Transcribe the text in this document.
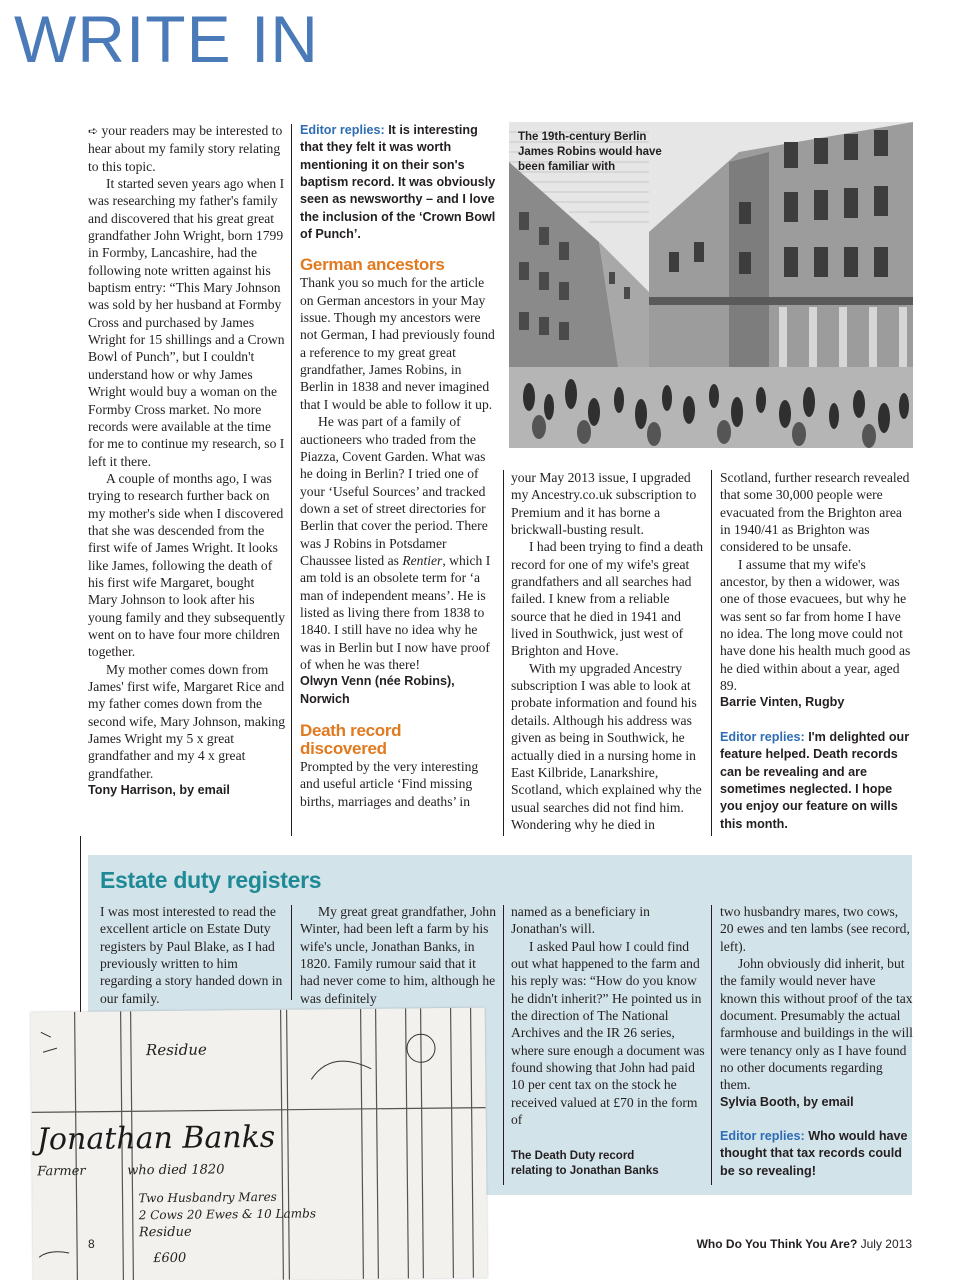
WRITE IN

➪ your readers may be interested to hear about my family story relating to this topic.

It started seven years ago when I was researching my father's family and discovered that his great great grandfather John Wright, born 1799 in Formby, Lancashire, had the following note written against his baptism entry: “This Mary Johnson was sold by her husband at Formby Cross and purchased by James Wright for 15 shillings and a Crown Bowl of Punch”, but I couldn't understand how or why James Wright would buy a woman on the Formby Cross market. No more records were available at the time for me to continue my research, so I left it there.

A couple of months ago, I was trying to research further back on my mother's side when I discovered that she was descended from the first wife of James Wright. It looks like James, following the death of his first wife Margaret, bought Mary Johnson to look after his young family and they subsequently went on to have four more children together.

My mother comes down from James' first wife, Margaret Rice and my father comes down from the second wife, Mary Johnson, making James Wright my 5 x great grandfather and my 4 x great grandfather.

Tony Harrison, by email
Editor replies: It is interesting that they felt it was worth mentioning it on their son's baptism record. It was obviously seen as newsworthy – and I love the inclusion of the ‘Crown Bowl of Punch’.
German ancestors

Thank you so much for the article on German ancestors in your May issue. Though my ancestors were not German, I had previously found a reference to my great great grandfather, James Robins, in Berlin in 1838 and never imagined that I would be able to follow it up.

He was part of a family of auctioneers who traded from the Piazza, Covent Garden. What was he doing in Berlin? I tried one of your ‘Useful Sources’ and tracked down a set of street directories for Berlin that cover the period. There was J Robins in Potsdamer Chaussee listed as Rentier, which I am told is an obsolete term for ‘a man of independent means’. He is listed as living there from 1838 to 1840. I still have no idea why he was in Berlin but I now have proof of when he was there!

Olwyn Venn (née Robins),
Norwich
Death record
discovered

Prompted by the very interesting and useful article ‘Find missing births, marriages and deaths’ in

The 19th-century Berlin James Robins would have been familiar with

your May 2013 issue, I upgraded my Ancestry.co.uk subscription to Premium and it has borne a brickwall-busting result.

I had been trying to find a death record for one of my wife's great grandfathers and all searches had failed. I knew from a reliable source that he died in 1941 and lived in Southwick, just west of Brighton and Hove.

With my upgraded Ancestry subscription I was able to look at probate information and found his details. Although his address was given as being in Southwick, he actually died in a nursing home in East Kilbride, Lanarkshire, Scotland, which explained why the usual searches did not find him. Wondering why he died in

Scotland, further research revealed that some 30,000 people were evacuated from the Brighton area in 1940/41 as Brighton was considered to be unsafe.

I assume that my wife's ancestor, by then a widower, was one of those evacuees, but why he was sent so far from home I have no idea. The long move could not have done his health much good as he died within about a year, aged 89.

Barrie Vinten, Rugby
Editor replies: I'm delighted our feature helped. Death records can be revealing and are sometimes neglected. I hope you enjoy our feature on wills this month.
Estate duty registers

I was most interested to read the excellent article on Estate Duty registers by Paul Blake, as I had previously written to him regarding a story handed down in our family.

My great great grandfather, John Winter, had been left a farm by his wife's uncle, Jonathan Banks, in 1820. Family rumour said that it had never come to him, although he was definitely

named as a beneficiary in Jonathan's will.

I asked Paul how I could find out what happened to the farm and his reply was: “How do you know he didn't inherit?” He pointed us in the direction of The National Archives and the IR 26 series, where sure enough a document was found showing that John had paid 10 per cent tax on the stock he received valued at £70 in the form of

The Death Duty record relating to Jonathan Banks

two husbandry mares, two cows, 20 ewes and ten lambs (see record, left).

John obviously did inherit, but the family would never have known this without proof of the tax document. Presumably the actual farmhouse and buildings in the will were tenancy only as I have found no other documents regarding them.

Sylvia Booth, by email
Editor replies: Who would have thought that tax records could be so revealing!
Residue
Jonathan Banks
Farmer	who died 1820
Two Husbandry Mares
2 Cows 20 Ewes & 10 Lambs
Residue
£600
8	Who Do You Think You Are? July 2013
